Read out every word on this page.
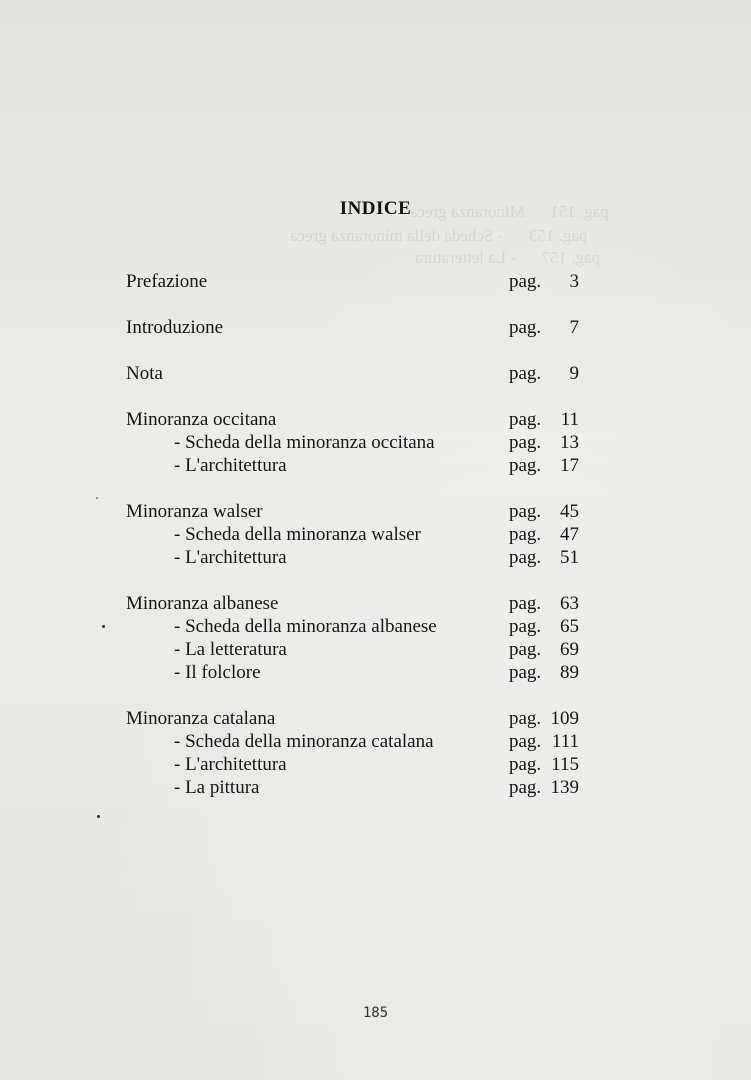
pag. 151      Minoranza greca
pag. 153      - Scheda della minoranza greca
pag. 157      - La letteratura
INDICE
Prefazione	pag. 3
Introduzione	pag. 7
Nota	pag. 9
Minoranza occitana	pag. 11
- Scheda della minoranza occitana	pag. 13
- L'architettura	pag. 17
Minoranza walser	pag. 45
- Scheda della minoranza walser	pag. 47
- L'architettura	pag. 51
Minoranza albanese	pag. 63
- Scheda della minoranza albanese	pag. 65
- La letteratura	pag. 69
- Il folclore	pag. 89
Minoranza catalana	pag. 109
- Scheda della minoranza catalana	pag. 111
- L'architettura	pag. 115
- La pittura	pag. 139
185
